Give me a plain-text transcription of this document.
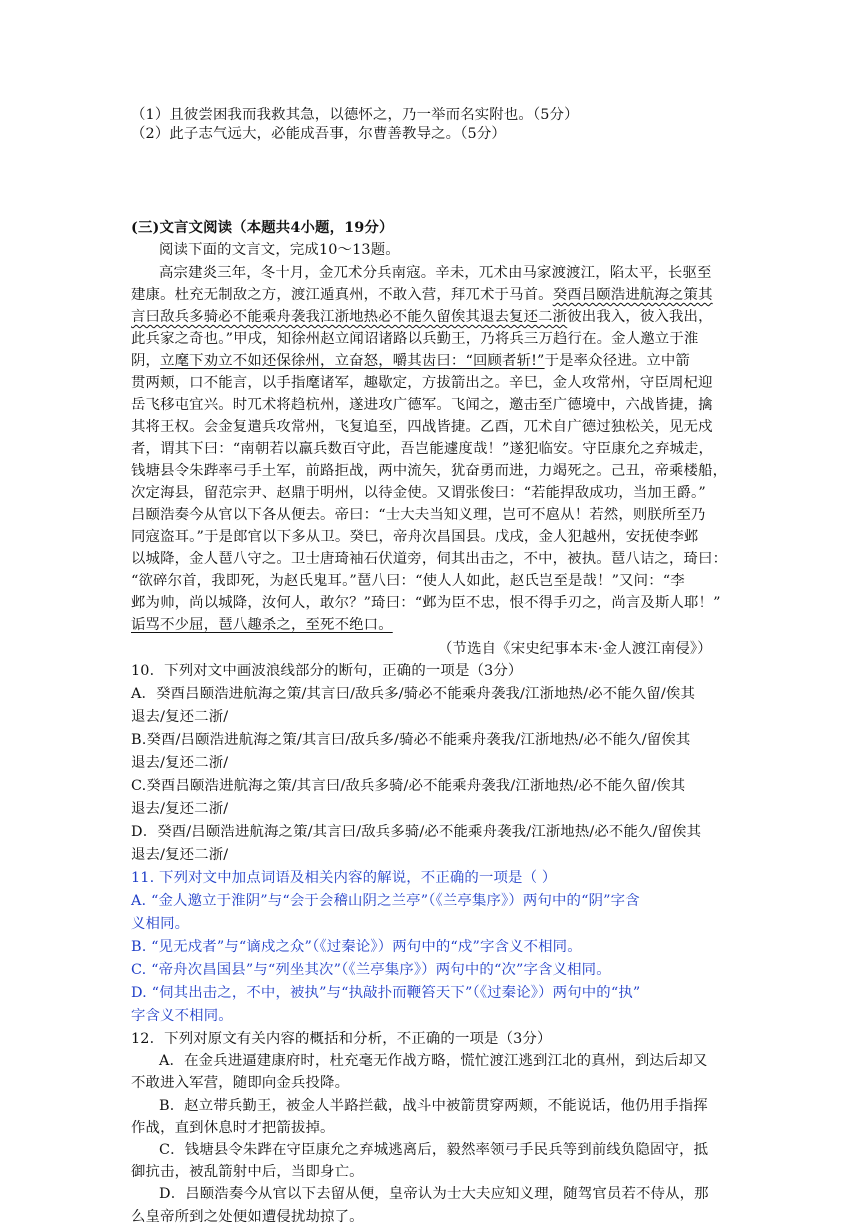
（1）且彼尝困我而我救其急，以德怀之，乃一举而名实附也。（5分）
（2）此子志气远大，必能成吾事，尔曹善教导之。（5分）
(三)文言文阅读（本题共4小题，19分）
阅读下面的文言文，完成10～13题。
高宗建炎三年，冬十月，金兀术分兵南寇。辛未，兀术由马家渡渡江，陷太平，长驱至
建康。杜充无制敌之方，渡江遁真州，不敢入营，拜兀术于马首。癸酉吕颐浩进航海之策其
言曰敌兵多骑必不能乘舟袭我江浙地热必不能久留俟其退去复还二浙彼出我入，彼入我出，
此兵家之奇也。”甲戌，知徐州赵立闻诏诸路以兵勤王，乃将兵三万趋行在。金人邀立于淮
阴，立麾下劝立不如还保徐州，立奋怒，嚼其齿曰：“回顾者斩!”于是率众径进。立中箭
贯两颊，口不能言，以手指麾诸军，趣歇定，方拔箭出之。辛巳，金人攻常州，守臣周杞迎
岳飞移屯宜兴。时兀术将趋杭州，遂进攻广德军。飞闻之，邀击至广德境中，六战皆捷，擒
其将王权。会金复遣兵攻常州，飞复追至，四战皆捷。乙酉，兀术自广德过独松关，见无戍
者，谓其下曰：“南朝若以羸兵数百守此，吾岂能遽度哉！”遂犯临安。守臣康允之弃城走，
钱塘县令朱跸率弓手土军，前路拒战，两中流矢，犹奋勇而进，力竭死之。己丑，帝乘楼船，
次定海县，留范宗尹、赵鼎于明州，以待金使。又谓张俊曰：“若能捍敌成功，当加王爵。”
吕颐浩奏今从官以下各从便去。帝曰：“士大夫当知义理，岂可不扈从！若然，则朕所至乃
同寇盗耳。”于是郎官以下多从卫。癸巳，帝舟次昌国县。戊戌，金人犯越州，安抚使李邺
以城降，金人琶八守之。卫士唐琦袖石伏道旁，伺其出击之，不中，被执。琶八诘之，琦曰：
“欲碎尔首，我即死，为赵氏鬼耳。”琶八曰：“使人人如此，赵氏岂至是哉！”又问：“李
邺为帅，尚以城降，汝何人，敢尔？”琦曰：“邺为臣不忠，恨不得手刃之，尚言及斯人耶！”
诟骂不少屈，琶八趣杀之，至死不绝口。
（节选自《宋史纪事本末·金人渡江南侵》）
10．下列对文中画波浪线部分的断句，正确的一项是（3分）
A．癸酉吕颐浩进航海之策/其言曰/敌兵多/骑必不能乘舟袭我/江浙地热/必不能久留/俟其
退去/复还二浙/
B.癸酉/吕颐浩进航海之策/其言曰/敌兵多/骑必不能乘舟袭我/江浙地热/必不能久/留俟其
退去/复还二浙/
C.癸酉吕颐浩进航海之策/其言曰/敌兵多骑/必不能乘舟袭我/江浙地热/必不能久留/俟其
退去/复还二浙/
D．癸酉/吕颐浩进航海之策/其言曰/敌兵多骑/必不能乘舟袭我/江浙地热/必不能久/留俟其
退去/复还二浙/
11. 下列对文中加点词语及相关内容的解说，不正确的一项是（ ）
A. “金人邀立于淮阴”与“会于会稽山阴之兰亭”（《兰亭集序》）两句中的“阴”字含
义相同。
B. “见无戍者”与“谪戍之众”（《过秦论》）两句中的“戍”字含义不相同。
C. “帝舟次昌国县”与“列坐其次”（《兰亭集序》）两句中的“次”字含义相同。
D. “伺其出击之，不中，被执”与“执敲扑而鞭笞天下”（《过秦论》）两句中的“执”
字含义不相同。
12．下列对原文有关内容的概括和分析，不正确的一项是（3分）
A．在金兵进逼建康府时，杜充毫无作战方略，慌忙渡江逃到江北的真州，到达后却又
不敢进入军营，随即向金兵投降。
B．赵立带兵勤王，被金人半路拦截，战斗中被箭贯穿两颊，不能说话，他仍用手指挥
作战，直到休息时才把箭拔掉。
C．钱塘县令朱跸在守臣康允之弃城逃离后，毅然率领弓手民兵等到前线负隐固守，抵
御抗击，被乱箭射中后，当即身亡。
D．吕颐浩奏今从官以下去留从便，皇帝认为士大夫应知义理，随驾官员若不侍从，那
么皇帝所到之处便如遭侵扰劫掠了。
